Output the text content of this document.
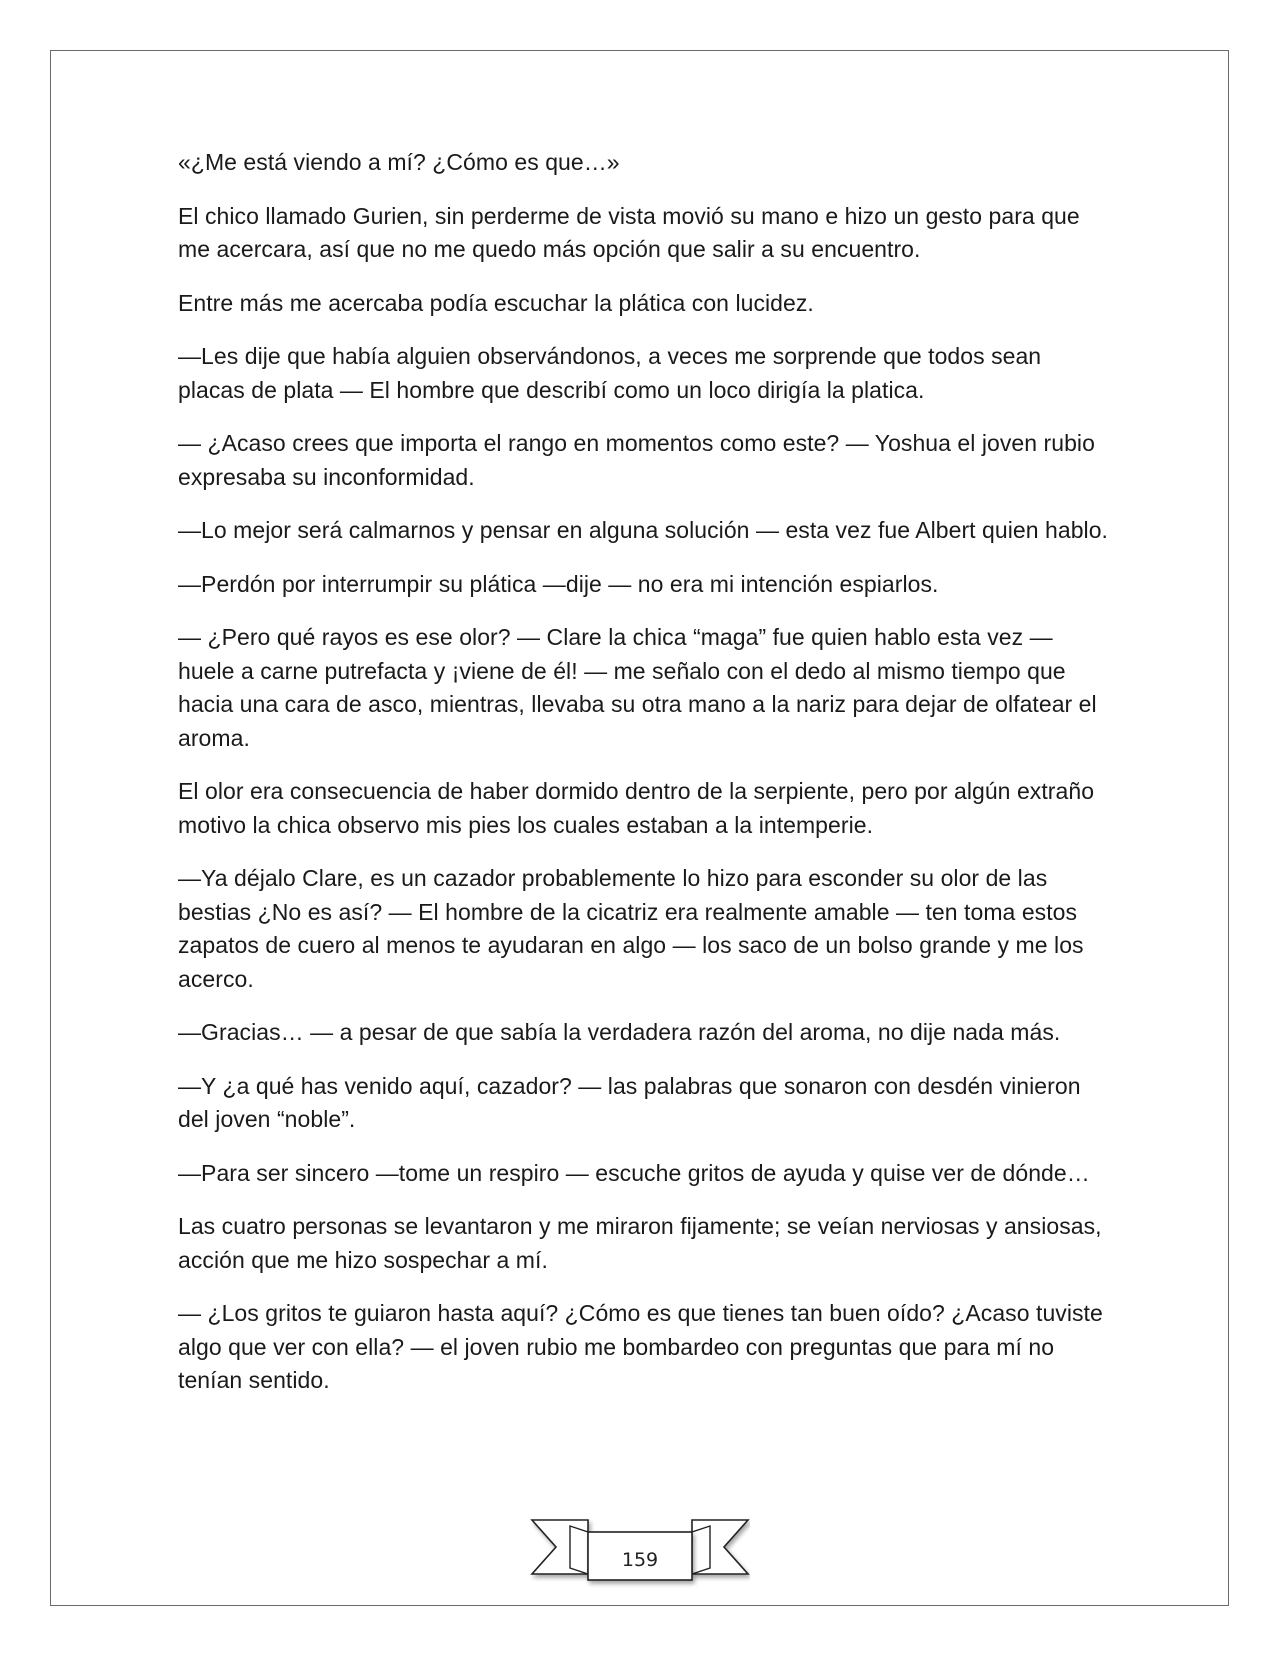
«¿Me está viendo a mí? ¿Cómo es que…»

El chico llamado Gurien, sin perderme de vista movió su mano e hizo un gesto para que me acercara, así que no me quedo más opción que salir a su encuentro.

Entre más me acercaba podía escuchar la plática con lucidez.

—Les dije que había alguien observándonos, a veces me sorprende que todos sean placas de plata — El hombre que describí como un loco dirigía la platica.

— ¿Acaso crees que importa el rango en momentos como este? — Yoshua el joven rubio expresaba su inconformidad.

—Lo mejor será calmarnos y pensar en alguna solución — esta vez fue Albert quien hablo.

—Perdón por interrumpir su plática —dije — no era mi intención espiarlos.

— ¿Pero qué rayos es ese olor? — Clare la chica “maga” fue quien hablo esta vez —huele a carne putrefacta y ¡viene de él! — me señalo con el dedo al mismo tiempo que hacia una cara de asco, mientras, llevaba su otra mano a la nariz para dejar de olfatear el aroma.

El olor era consecuencia de haber dormido dentro de la serpiente, pero por algún extraño motivo la chica observo mis pies los cuales estaban a la intemperie.

—Ya déjalo Clare, es un cazador probablemente lo hizo para esconder su olor de las bestias ¿No es así? — El hombre de la cicatriz era realmente amable — ten toma estos zapatos de cuero al menos te ayudaran en algo — los saco de un bolso grande y me los acerco.

—Gracias… — a pesar de que sabía la verdadera razón del aroma, no dije nada más.

—Y ¿a qué has venido aquí, cazador? — las palabras que sonaron con desdén vinieron del joven “noble”.

—Para ser sincero —tome un respiro — escuche gritos de ayuda y quise ver de dónde…

Las cuatro personas se levantaron y me miraron fijamente; se veían nerviosas y ansiosas, acción que me hizo sospechar a mí.

— ¿Los gritos te guiaron hasta aquí? ¿Cómo es que tienes tan buen oído? ¿Acaso tuviste algo que ver con ella? — el joven rubio me bombardeo con preguntas que para mí no tenían sentido.

159
